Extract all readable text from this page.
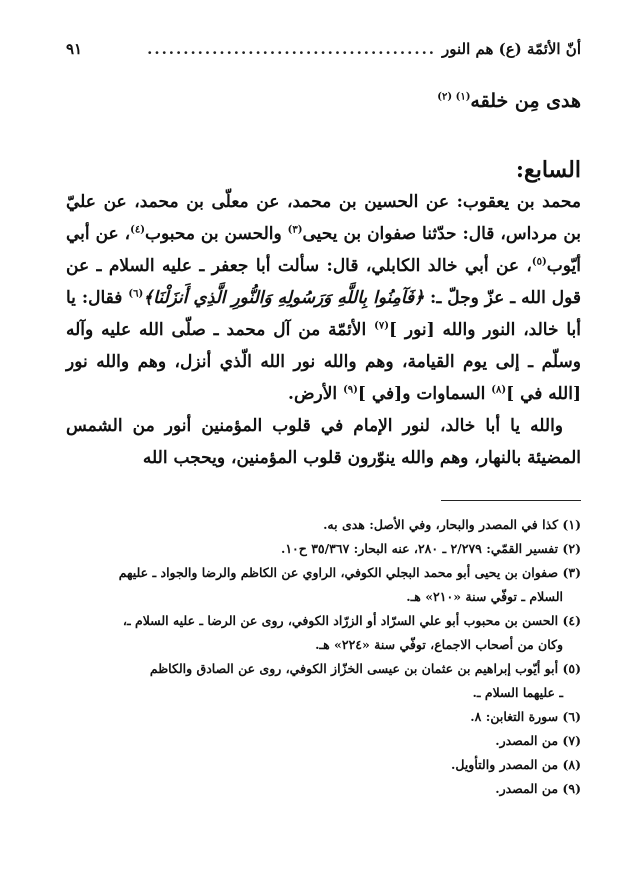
أنّ الأئمّة (ع) هم النور
........................................
٩١
هدى مِن خلقه$^{(١) (٢)}$
السابع:

محمد بن يعقوب: عن الحسين بن محمد، عن معلّى بن محمد، عن عليّ بن مرداس، قال: حدّثنا صفوان بن يحيى$^{(٣)}$ والحسن بن محبوب$^{(٤)}$، عن أبي أيّوب$^{(٥)}$، عن أبي خالد الكابلي، قال: سألت أبا جعفر ـ عليه السلام ـ عن قول الله ـ عزّ وجلّ ـ: ﴿فَآمِنُوا بِاللَّهِ وَرَسُولِهِ وَالنُّورِ الَّذِي أَنزَلْنَا﴾$^{(٦)}$ فقال: يا أبا خالد، النور والله [نور ]$^{(٧)}$ الأئمّة من آل محمد ـ صلّى الله عليه وآله وسلّم ـ إلى يوم القيامة، وهم والله نور الله الّذي أنزل، وهم والله نور [الله في ]$^{(٨)}$ السماوات و[في ]$^{(٩)}$ الأرض.

والله يا أبا خالد، لنور الإمام في قلوب المؤمنين أنور من الشمس المضيئة بالنهار، وهم والله ينوّرون قلوب المؤمنين، ويحجب الله

(١) كذا في المصدر والبحار، وفي الأصل: هدى به.

(٢) تفسير القمّي: ٢/٢٧٩ ـ ٢٨٠، عنه البحار: ٣٥/٣٦٧ ح١٠.

(٣) صفوان بن يحيى أبو محمد البجلي الكوفي، الراوي عن الكاظم والرضا والجواد ـ عليهم
السلام ـ توفّي سنة «٢١٠» هـ.

(٤) الحسن بن محبوب أبو علي السرّاد أو الزرّاد الكوفي، روى عن الرضا ـ عليه السلام ـ،
وكان من أصحاب الاجماع، توفّي سنة «٢٢٤» هـ.

(٥) أبو أيّوب إبراهيم بن عثمان بن عيسى الخزّاز الكوفي، روى عن الصادق والكاظم
ـ عليهما السلام ـ.

(٦) سورة التغابن: ٨.

(٧) من المصدر.

(٨) من المصدر والتأويل.

(٩) من المصدر.
